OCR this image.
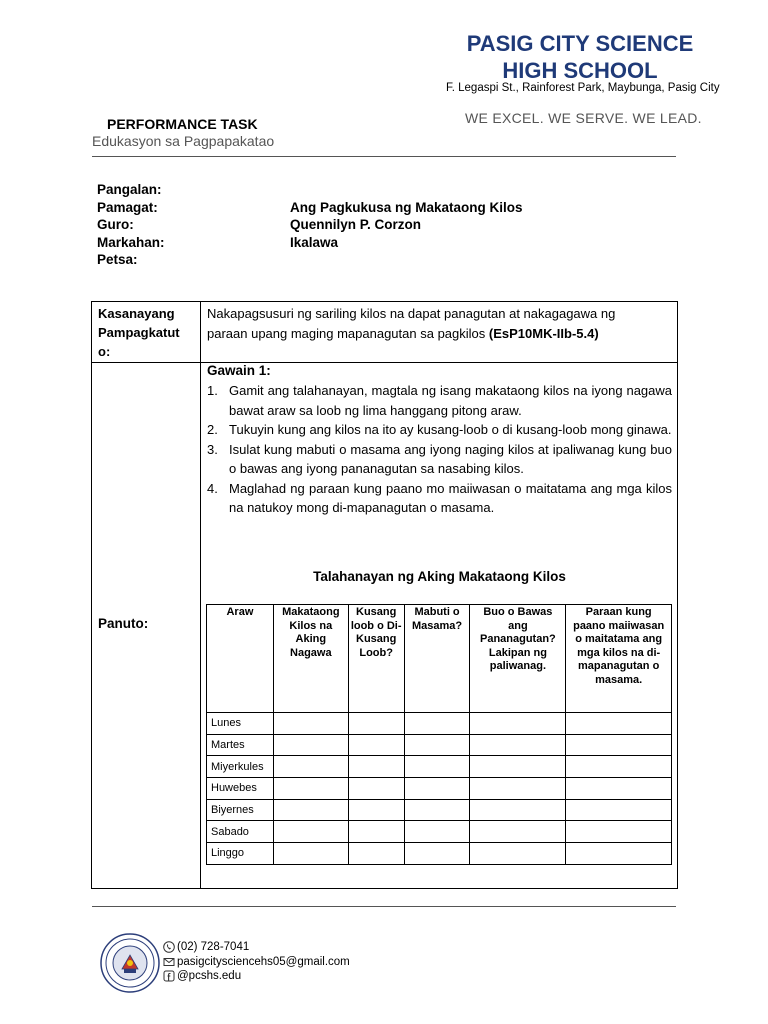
PASIG CITY SCIENCE
HIGH SCHOOL
F. Legaspi St., Rainforest Park, Maybunga, Pasig City
WE EXCEL. WE SERVE. WE LEAD.
PERFORMANCE TASK
Edukasyon sa Pagpapakatao
Pangalan:
Pamagat:	Ang Pagkukusa ng Makataong Kilos
Guro:	Quennilyn P. Corzon
Markahan:	Ikalawa
Petsa:
Kasanayang
Pampagkatut
o:
Nakapagsusuri ng sariling kilos na dapat panagutan at nakagagawa ng
paraan upang maging mapanagutan sa pagkilos (EsP10MK-IIb-5.4)
Panuto:
Gawain 1:
1. Gamit ang talahanayan, magtala ng isang makataong kilos na iyong nagawa bawat araw sa loob ng lima hanggang pitong araw.
2. Tukuyin kung ang kilos na ito ay kusang-loob o di kusang-loob mong ginawa.
3. Isulat kung mabuti o masama ang iyong naging kilos at ipaliwanag kung buo o bawas ang iyong pananagutan sa nasabing kilos.
4. Maglahad ng paraan kung paano mo maiiwasan o maitatama ang mga kilos na natukoy mong di-mapanagutan o masama.
Talahanayan ng Aking Makataong Kilos
Araw	Makataong Kilos na Aking Nagawa	Kusang loob o Di-Kusang Loob?	Mabuti o Masama?	Buo o Bawas ang Pananagutan? Lakipan ng paliwanag.	Paraan kung paano maiiwasan o maitatama ang mga kilos na di-mapanagutan o masama.
Lunes					
Martes					
Miyerkules					
Huwebes					
Biyernes					
Sabado					
Linggo					
(02) 728-7041
pasigcitysciencehs05@gmail.com
@pcshs.edu
